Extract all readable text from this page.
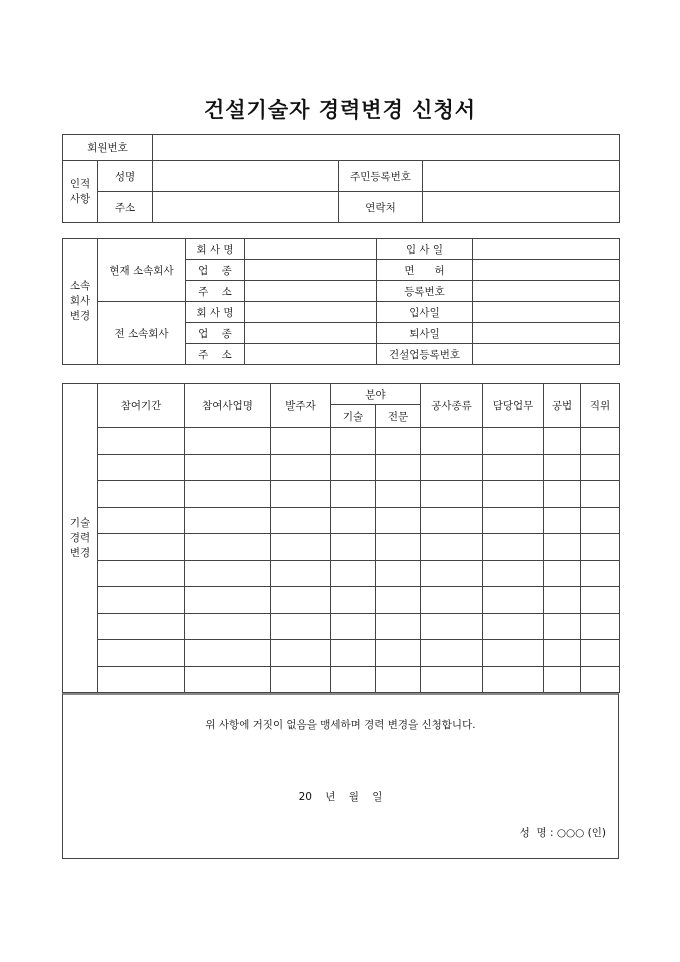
건설기술자 경력변경 신청서
회원번호				
인적
사항	성명		주민등록번호	
	주소		연락처	
소속
회사
변경	현재 소속회사	회 사 명		입 사 일	
		업    종		면      허	
		주    소		등록번호	
	전 소속회사	회 사 명		입사일	
		업    종		퇴사일	
		주    소		건설업등록번호	
기술
경력
변경	참여기간	참여사업명	발주자	분야		공사종류	담당업무	공법	직위
				기술	전문				

위 사항에 거짓이 없음을 맹세하며 경력 변경을 신청합니다.
20    년    월    일
성  명 : ○○○ (인)
